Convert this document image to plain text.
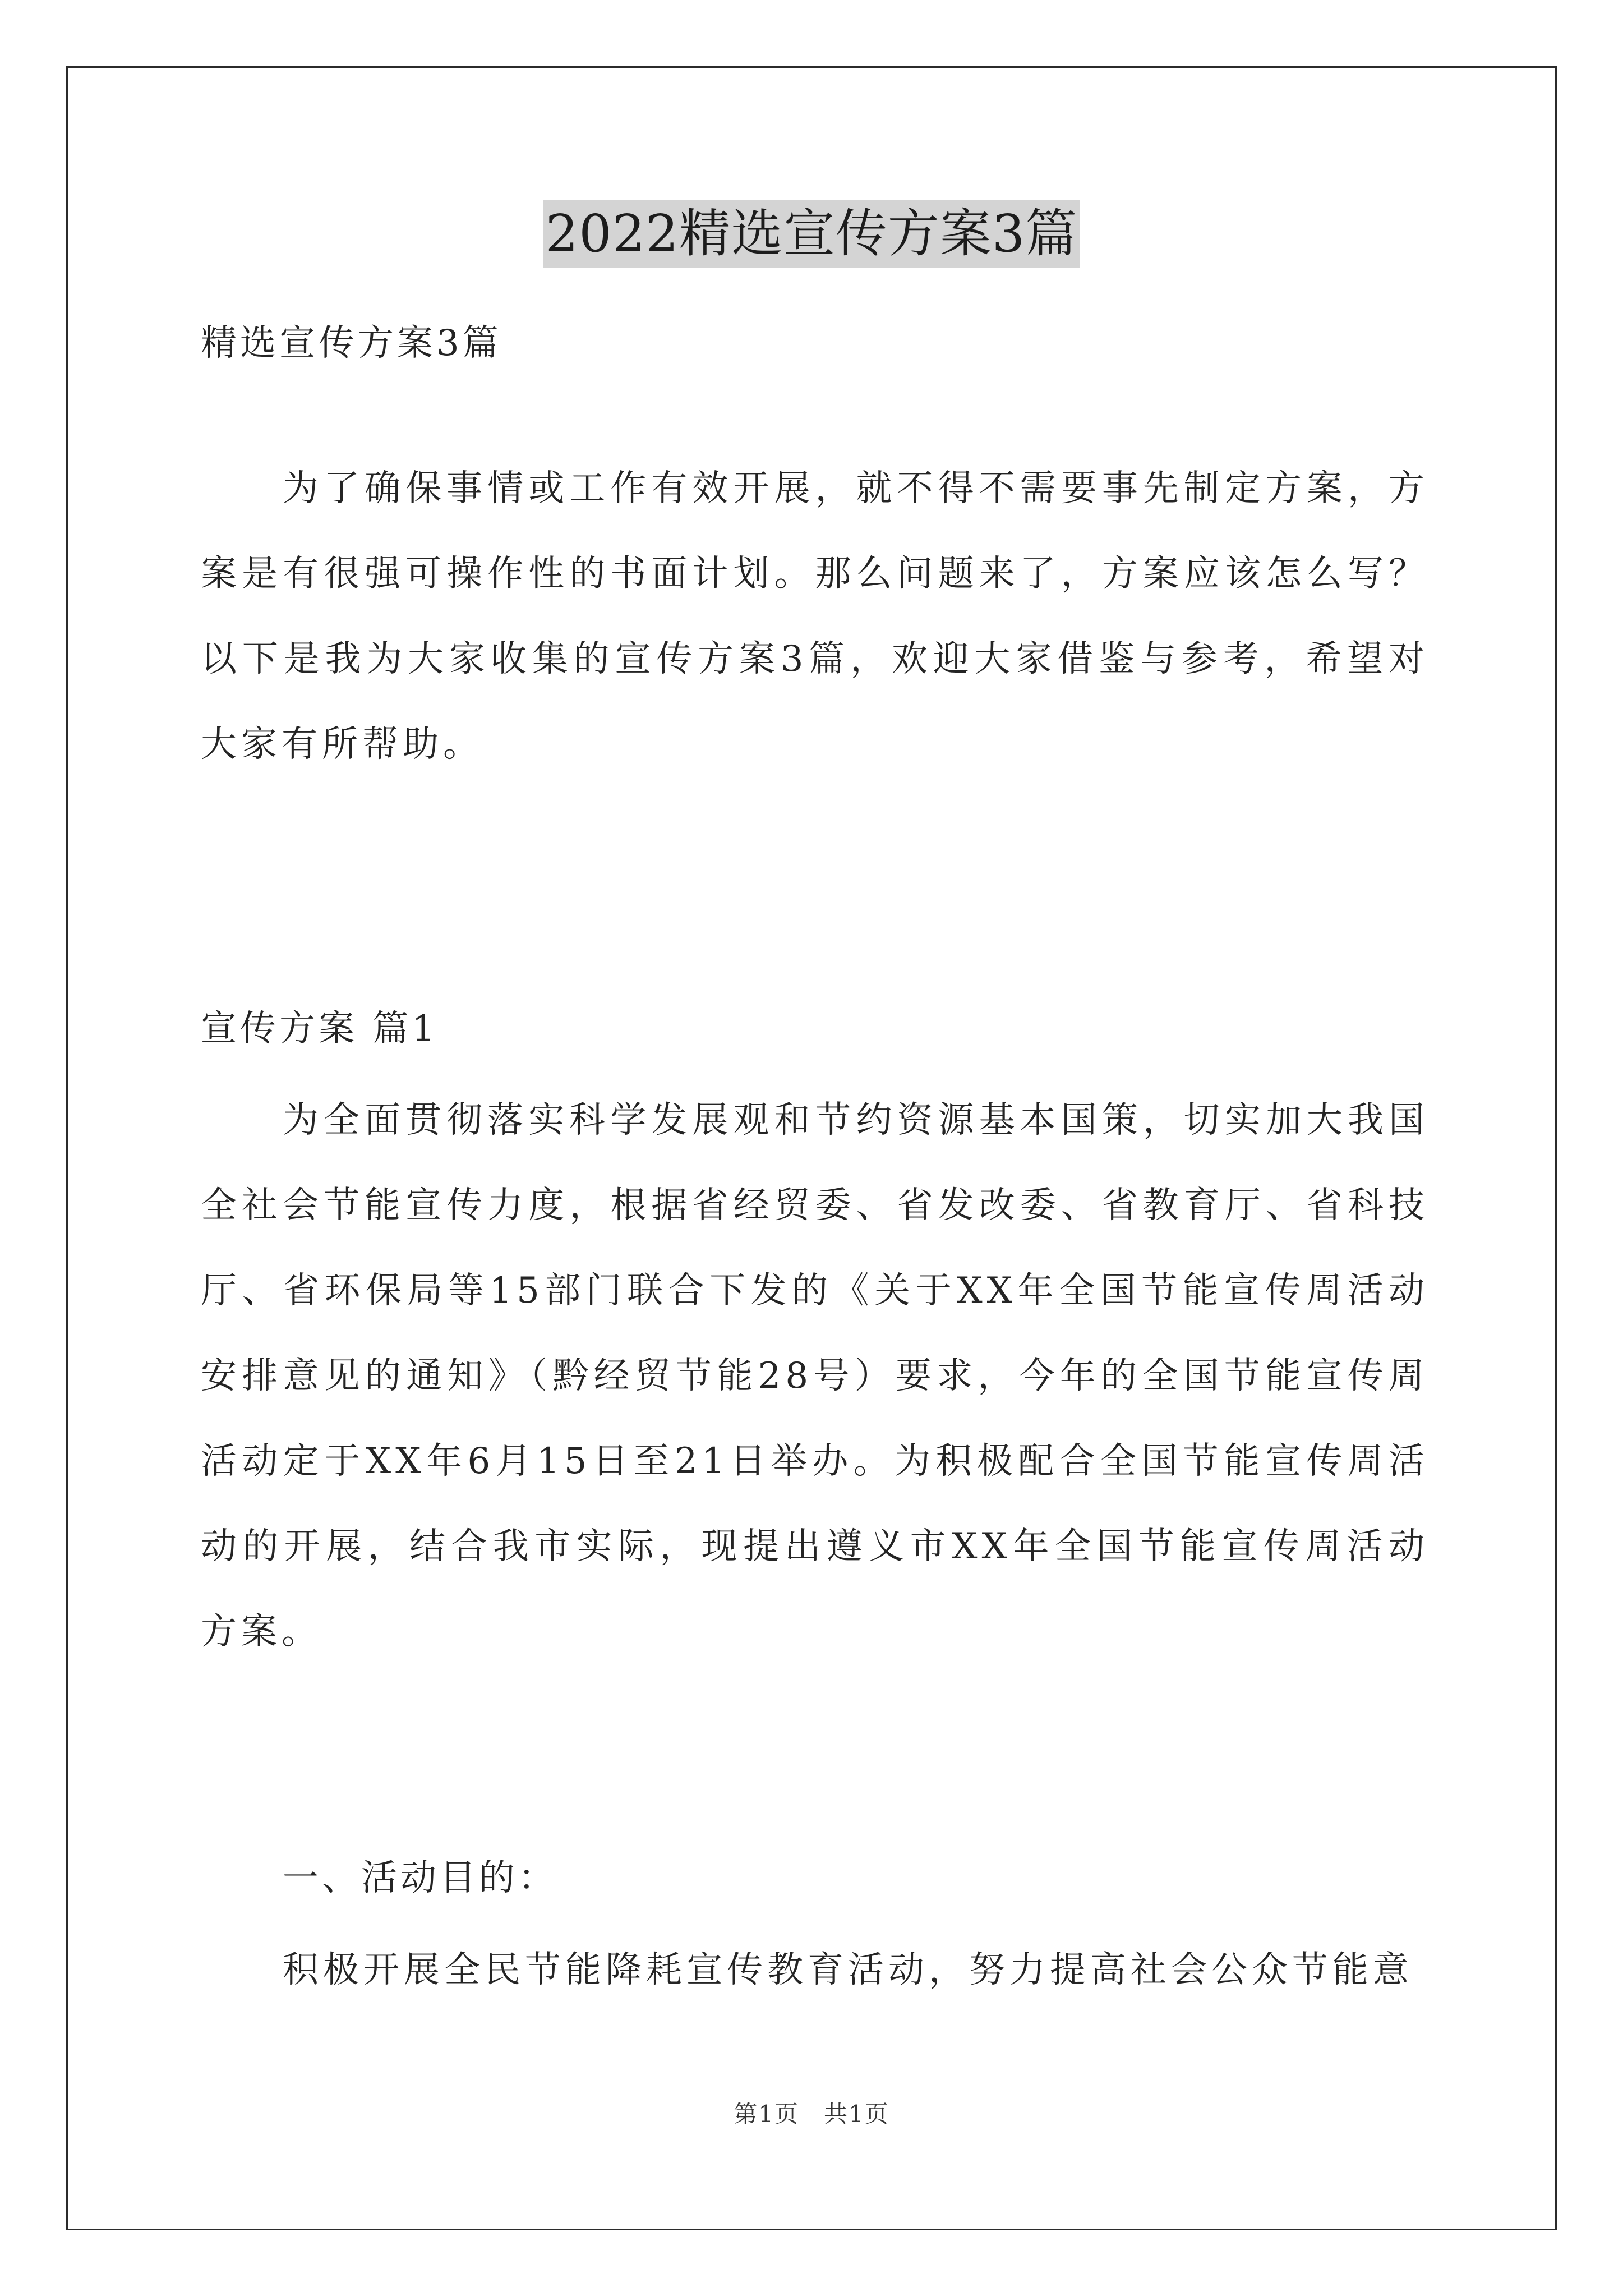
2022精选宣传方案3篇
精选宣传方案3篇
为了确保事情或工作有效开展，就不得不需要事先制定方案，方案是有很强可操作性的书面计划。那么问题来了，方案应该怎么写？以下是我为大家收集的宣传方案3篇，欢迎大家借鉴与参考，希望对大家有所帮助。
宣传方案 篇1
为全面贯彻落实科学发展观和节约资源基本国策，切实加大我国全社会节能宣传力度，根据省经贸委、省发改委、省教育厅、省科技厅、省环保局等15部门联合下发的《关于XX年全国节能宣传周活动安排意见的通知》（黔经贸节能28号）要求，今年的全国节能宣传周活动定于XX年6月15日至21日举办。为积极配合全国节能宣传周活动的开展，结合我市实际，现提出遵义市XX年全国节能宣传周活动方案。
一、活动目的：
积极开展全民节能降耗宣传教育活动，努力提高社会公众节能意
第1页　共1页
